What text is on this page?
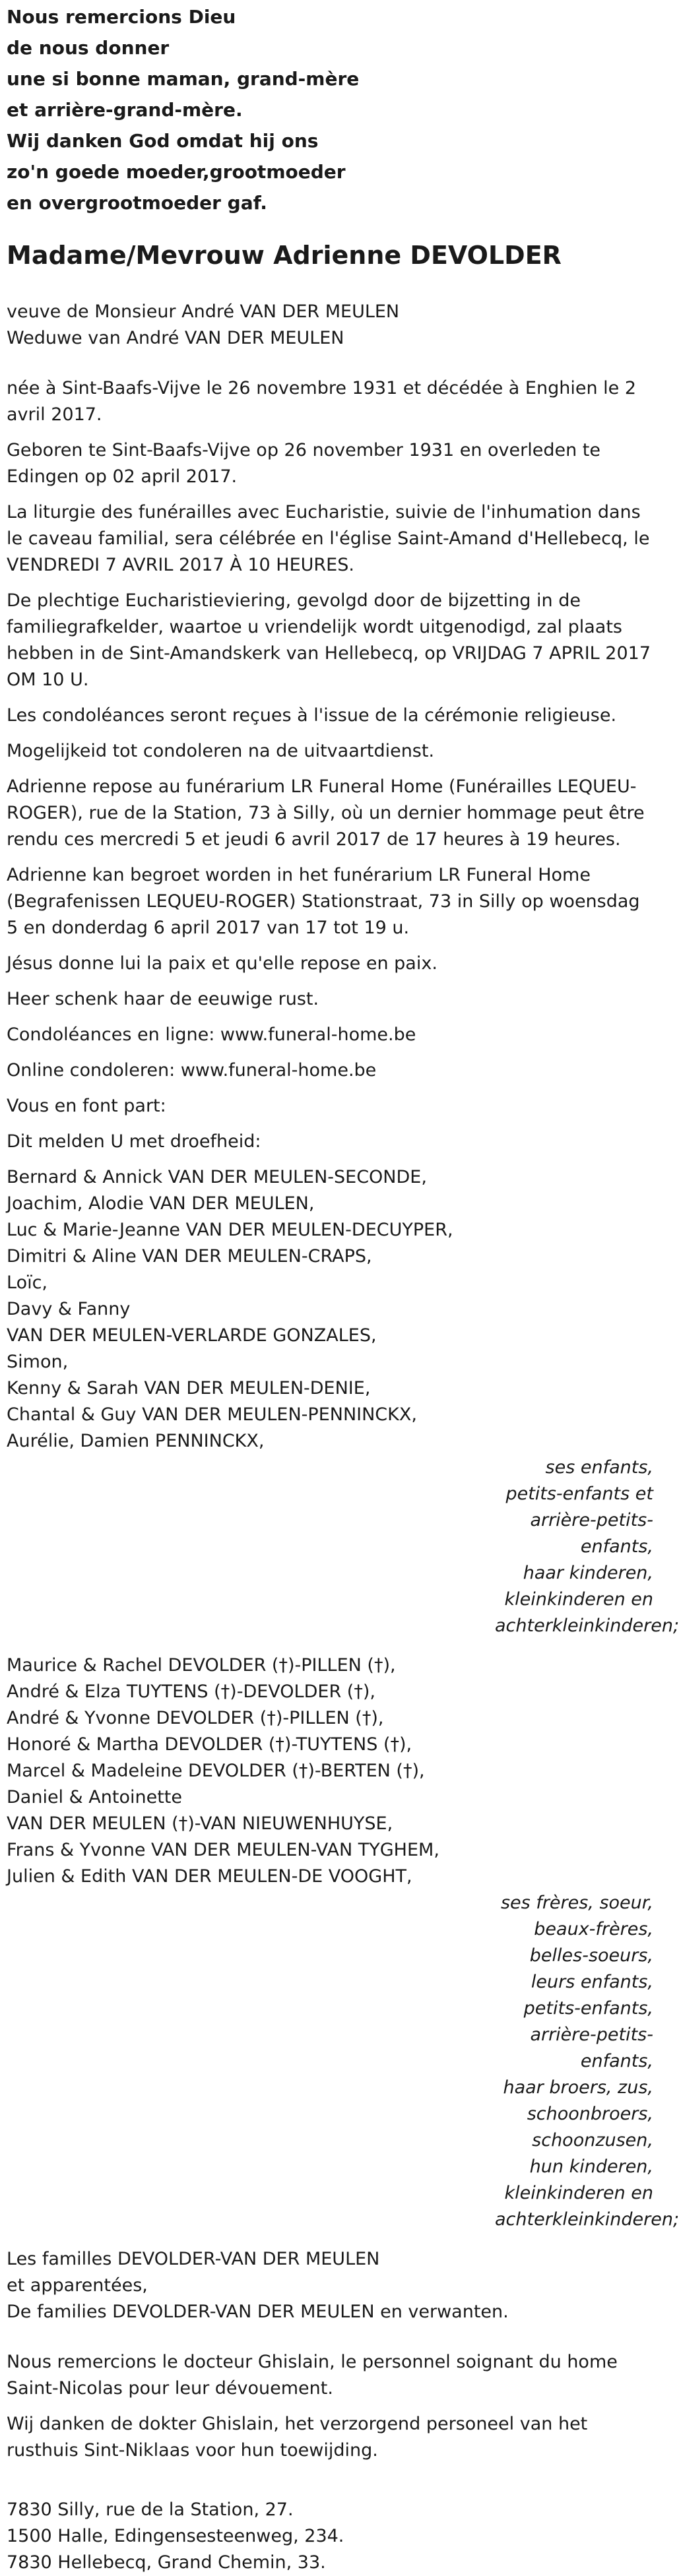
Nous remercions Dieu
de nous donner
une si bonne maman, grand-mère
et arrière-grand-mère.
Wij danken God omdat hij ons
zo'n goede moeder,grootmoeder
en overgrootmoeder gaf.
Madame/Mevrouw Adrienne DEVOLDER
veuve de Monsieur André VAN DER MEULEN
Weduwe van André VAN DER MEULEN

née à Sint-Baafs-Vijve le 26 novembre 1931 et décédée à Enghien le 2 avril 2017.

Geboren te Sint-Baafs-Vijve op 26 november 1931 en overleden te Edingen op 02 april 2017.

La liturgie des funérailles avec Eucharistie, suivie de l'inhumation dans le caveau familial, sera célébrée en l'église Saint-Amand d'Hellebecq, le VENDREDI 7 AVRIL 2017 À 10 HEURES.

De plechtige Eucharistieviering, gevolgd door de bijzetting in de familiegrafkelder, waartoe u vriendelijk wordt uitgenodigd, zal plaats hebben in de Sint-Amandskerk van Hellebecq, op VRIJDAG 7 APRIL 2017 OM 10 U.

Les condoléances seront reçues à l'issue de la cérémonie religieuse.

Mogelijkeid tot condoleren na de uitvaartdienst.

Adrienne repose au funérarium LR Funeral Home (Funérailles LEQUEU-ROGER), rue de la Station, 73 à Silly, où un dernier hommage peut être rendu ces mercredi 5 et jeudi 6 avril 2017 de 17 heures à 19 heures.

Adrienne kan begroet worden in het funérarium LR Funeral Home (Begrafenissen LEQUEU-ROGER) Stationstraat, 73 in Silly op woensdag 5 en donderdag 6 april 2017 van 17 tot 19 u.

Jésus donne lui la paix et qu'elle repose en paix.

Heer schenk haar de eeuwige rust.

Condoléances en ligne: www.funeral-home.be

Online condoleren: www.funeral-home.be

Vous en font part:

Dit melden U met droefheid:

Bernard & Annick VAN DER MEULEN-SECONDE,
Joachim, Alodie VAN DER MEULEN,
Luc & Marie-Jeanne VAN DER MEULEN-DECUYPER,
Dimitri & Aline VAN DER MEULEN-CRAPS,
Loïc,
Davy & Fanny
VAN DER MEULEN-VERLARDE GONZALES,
Simon,
Kenny & Sarah VAN DER MEULEN-DENIE,
Chantal & Guy VAN DER MEULEN-PENNINCKX,
Aurélie, Damien PENNINCKX,
ses enfants, petits-enfants et arrière-petits-enfants,
haar kinderen, kleinkinderen en achterkleinkinderen;
Maurice & Rachel DEVOLDER (†)-PILLEN (†),
André & Elza TUYTENS (†)-DEVOLDER (†),
André & Yvonne DEVOLDER (†)-PILLEN (†),
Honoré & Martha DEVOLDER (†)-TUYTENS (†),
Marcel & Madeleine DEVOLDER (†)-BERTEN (†),
Daniel & Antoinette
VAN DER MEULEN (†)-VAN NIEUWENHUYSE,
Frans & Yvonne VAN DER MEULEN-VAN TYGHEM,
Julien & Edith VAN DER MEULEN-DE VOOGHT,
ses frères, soeur, beaux-frères, belles-soeurs,
leurs enfants, petits-enfants, arrière-petits-enfants,
haar broers, zus, schoonbroers, schoonzusen,
hun kinderen, kleinkinderen en achterkleinkinderen;
Les familles DEVOLDER-VAN DER MEULEN
et apparentées,
De families DEVOLDER-VAN DER MEULEN en verwanten.

Nous remercions le docteur Ghislain, le personnel soignant du home Saint-Nicolas pour leur dévouement.

Wij danken de dokter Ghislain, het verzorgend personeel van het rusthuis Sint-Niklaas voor hun toewijding.

7830 Silly, rue de la Station, 27.
1500 Halle, Edingensesteenweg, 234.
7830 Hellebecq, Grand Chemin, 33.
